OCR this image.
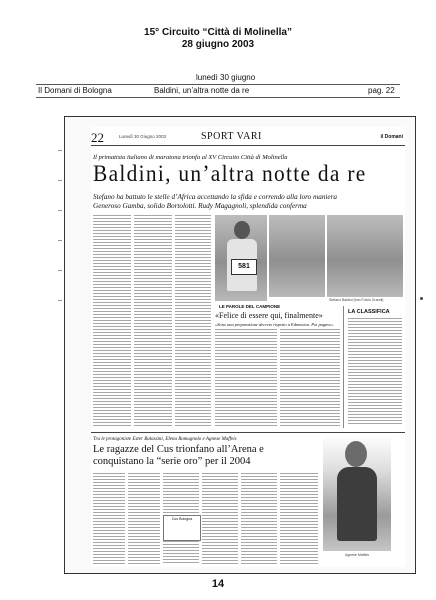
15° Circuito “Città di Molinella”
28 giugno 2003
lunedì 30 giugno
Il Domani di Bologna	Baldini, un’altra notte da re	pag. 22
22	Lunedì 30 Giugno 2003	SPORT VARI	il Domani
Il primatista italiano di maratona trionfa al XV Circuito Città di Molinella
Baldini, un’altra notte da re
Stefano ha battuto le stelle d’Africa accettando la sfida e correndo alla loro maniera
Generoso Gamba, solido Bortolotti. Rudy Magagnoli, splendida conferma
581
Stefano Baldini (foto Fulvio Grandi)
LE PAROLE DEL CAMPIONE
«Felice di essere qui, finalmente»
«Sono una preparazione decreto rispetto a Edmonton. Poi pagavo»
LA CLASSIFICA
Tra le protagoniste Ester Balassini, Elena Romagnolo e Agnese Maffeis
Le ragazze del Cus trionfano all’Arena e conquistano la “serie oro” per il 2004
Cus Bologna
Agnese Maffeis
14
